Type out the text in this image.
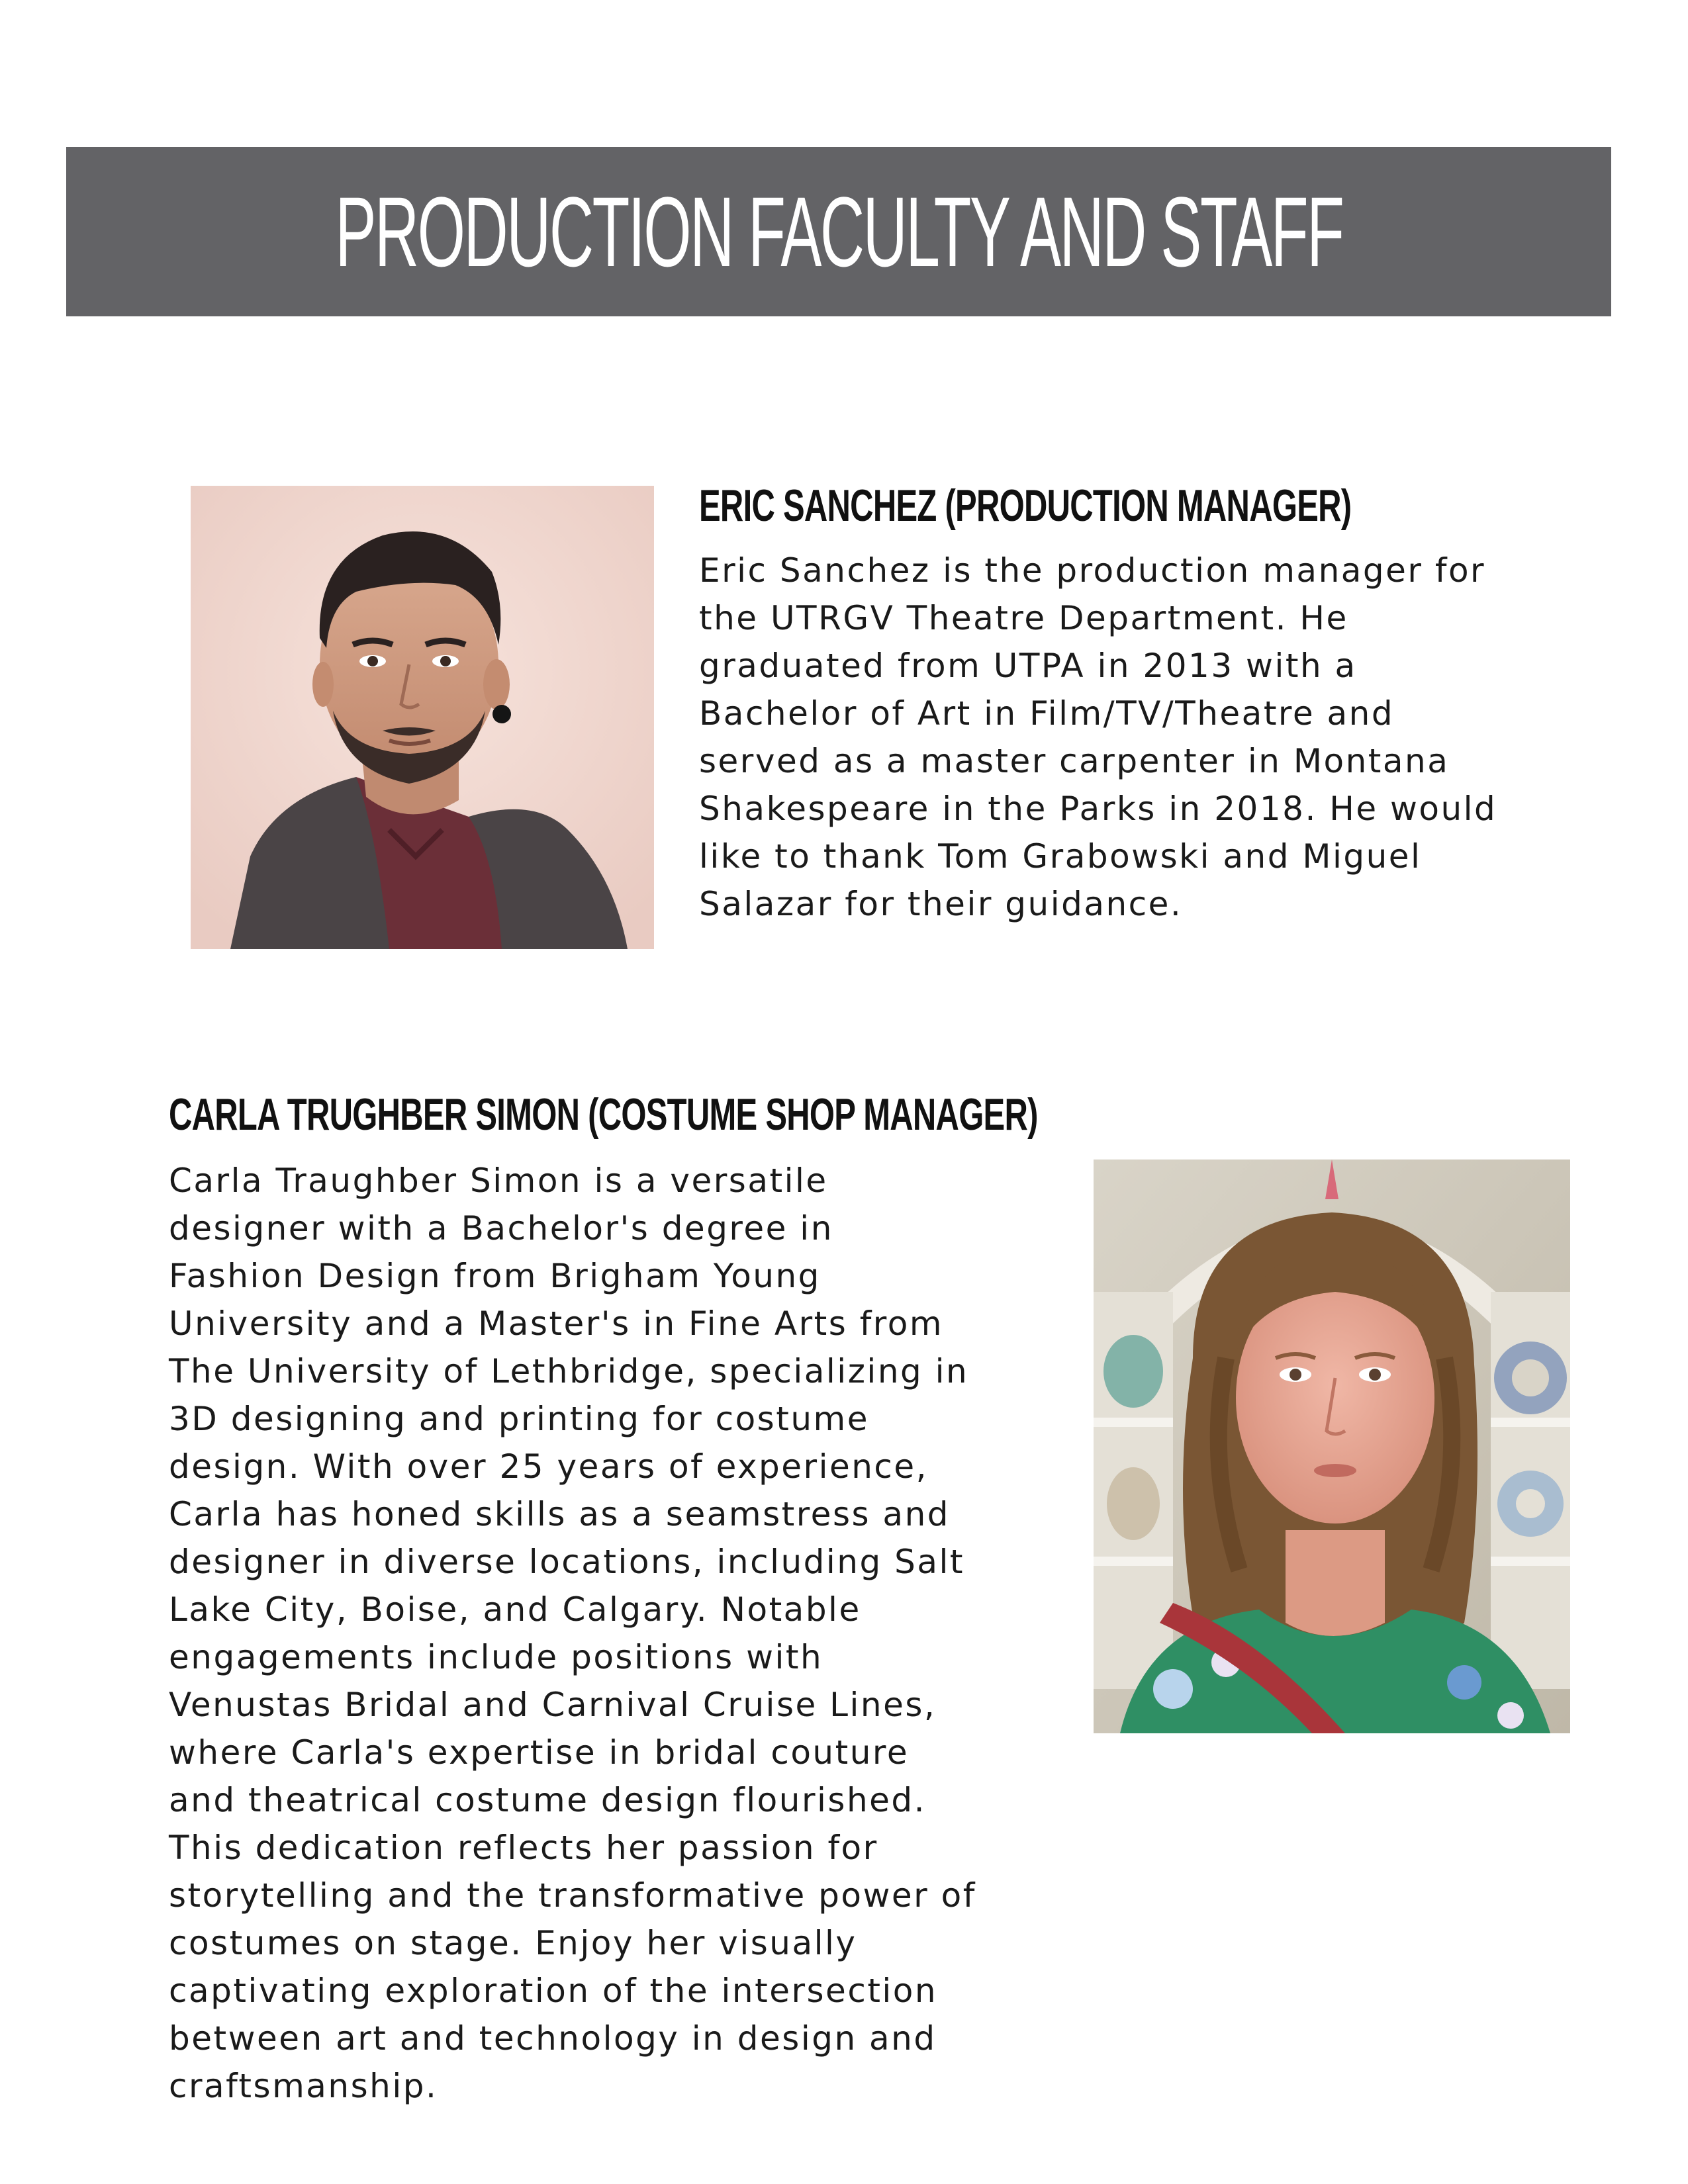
PRODUCTION FACULTY AND STAFF
ERIC SANCHEZ (PRODUCTION MANAGER)

Eric Sanchez is the production manager for
the UTRGV Theatre Department. He
graduated from UTPA in 2013 with a
Bachelor of Art in Film/TV/Theatre and
served as a master carpenter in Montana
Shakespeare in the Parks in 2018. He would
like to thank Tom Grabowski and Miguel
Salazar for their guidance.

CARLA TRUGHBER SIMON (COSTUME SHOP MANAGER)

Carla Traughber Simon is a versatile
designer with a Bachelor's degree in
Fashion Design from Brigham Young
University and a Master's in Fine Arts from
The University of Lethbridge, specializing in
3D designing and printing for costume
design. With over 25 years of experience,
Carla has honed skills as a seamstress and
designer in diverse locations, including Salt
Lake City, Boise, and Calgary. Notable
engagements include positions with
Venustas Bridal and Carnival Cruise Lines,
where Carla's expertise in bridal couture
and theatrical costume design flourished.
This dedication reflects her passion for
storytelling and the transformative power of
costumes on stage. Enjoy her visually
captivating exploration of the intersection
between art and technology in design and
craftsmanship.
